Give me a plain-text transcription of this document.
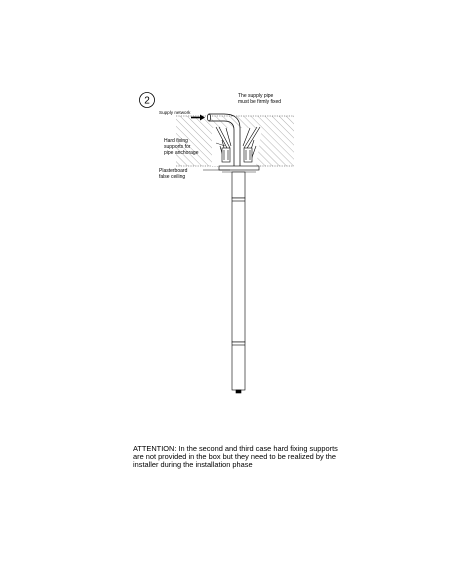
2	The supply pipe
must be firmly fixed
Supply network
Hard fixing
supports for
pipe anchorage
Plasterboard
false ceiling
ATTENTION: In the second and third case hard fixing supports
are not provided in the box but they need to be realized by the
installer during the installation phase
